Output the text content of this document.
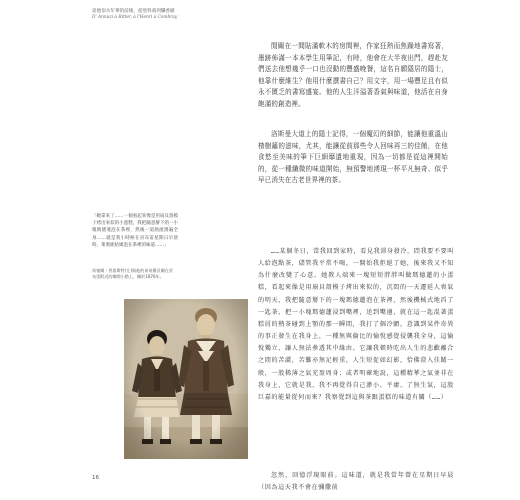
追憶似水年華的前後，從塗料商到爛香歐
D' Annuzi à Ritter, à l'Henri à Combray

閒關在一間貼滿軟木的房間裡，作家狂熱而焦躁地書寫著，墨跡佈滿一本本學生用筆記，有時，他會在大半夜出門，趕赴友們送去他想幾乎一口也沒動的豐盛晚餐，這名自願隱居的隱士，他靠什麼維生？他用什麼撰書自己？用文字，用一場豐足且有似永不匱乏的書寫盛宴。他的人生洋溢著香氣與味道，他活在自身飽滿的創造裡。

洛斯曼大道上的隱士記得，一個魔幻的細節，能讓他重溫山楂樹籬的滋味，尤其，能讓從前那些令人回味再三的佳餚，在他食慾至美味的筆下巨細靡遺地重現，因為一切都是從這裡開始的，從一種纖微的味道開始，無預警地湧現一杯平凡無奇、似乎早已消失在古老世界裡的茶。

……某個冬日，當我回到家時，看見我渾身發冷，問我要不要叫人給泡點茶，儘管我平常不喝，一開始我拒絕了她，後來我又不知為什麼改變了心意。她教人端來一塊短短胖胖叫做瑪德蓮的小蛋糕，看起來像是用扇貝殼模子烤出來似的，沉悶的一天遷延人喪氣的明天，我把隨意掰下的一塊瑪德蓮泡在茶裡，然後機械式地舀了一匙茶，把一小塊瑪德蓮浸到嘴裡，送到嘴邊，就在這一匙混著蛋糕屑的熱茶碰到上顎的那一瞬間，我打了個冷顫，意識到某件奇異的事正發生在我身上，一種無與倫比的愉悅感覺侵襲我全身，這愉悅獨立，讓人無法參透其中緣由。它讓我頓時吃出人生的悲歡離合之間的苦澀，苦難亦無足輕重，人生短促如幻影，恰佛澄入佳餚一般，一股稀薄之氣充盈周身；或者明確地說，這種精華之氣並非在我身上，它就是我，我不再覺得自己渺小、平庸、了無生氣，這股巨嘉的能量從何而來？我察覺到這與茶跟蛋糕的味道有關（……）

忽然，回憶浮現眼前。這味道，就是我當年曾在星期日早晨（因為這天我不會在彌撒前

「她拿來了……一個看起來像是用扇貝殼模子烤出來似的小蛋糕，我把隨意掰下的一小塊瑪德蓮泡在茶裡，然後一道熱流湧遍全身……就是我小時候在貢布雷星期日早晨時，萊奧妮姑媽泡在茶裡的味道……」
馬塞爾・普魯斯特(左)與他的弟弟羅貝爾在貢布雷附近的鄉間小路上，攝於1876年。
16
